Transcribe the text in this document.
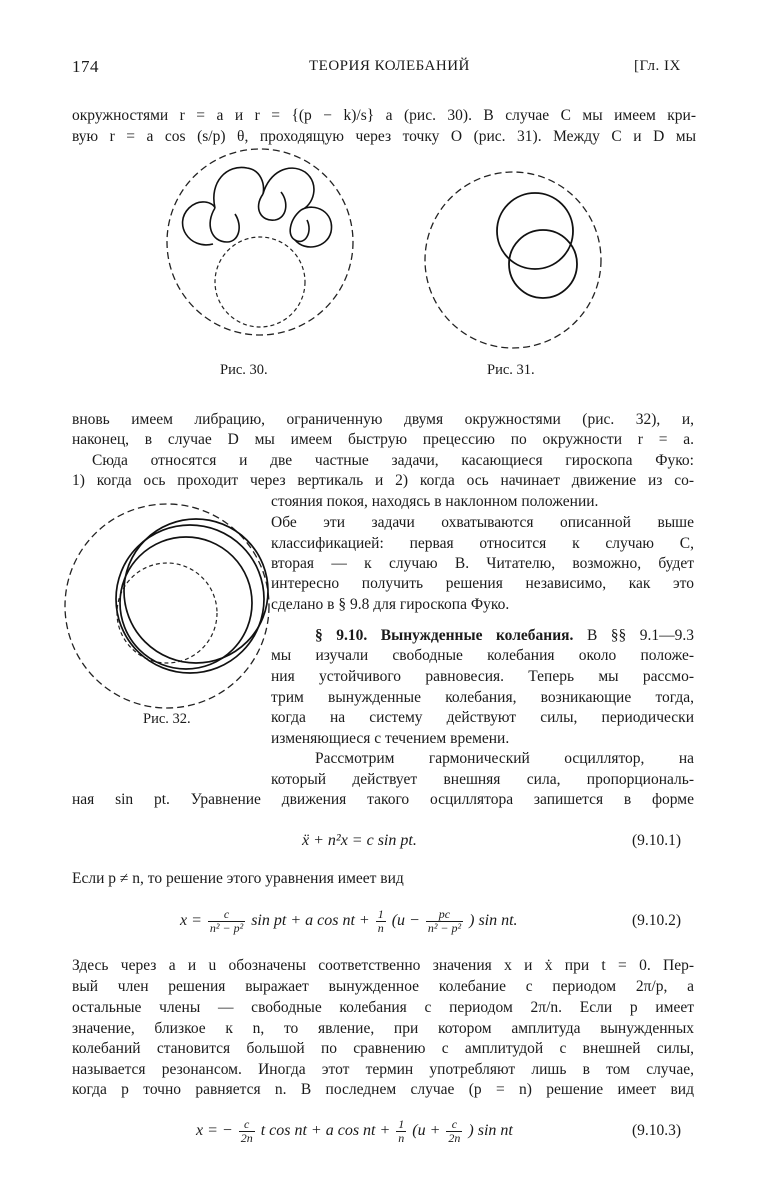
174	ТЕОРИЯ КОЛЕБАНИЙ	[Гл. IX
окружностями r = a и r = {(p − k)/s} a (рис. 30). В случае C мы имеем кри-
вую r = a cos (s/p) θ, проходящую через точку O (рис. 31). Между C и D мы
Рис. 30.	Рис. 31.
вновь имеем либрацию, ограниченную двумя окружностями (рис. 32), и,
наконец, в случае D мы имеем быструю прецессию по окружности r = a.
Сюда относятся и две частные задачи, касающиеся гироскопа Фуко:
1) когда ось проходит через вертикаль и 2) когда ось начинает движение из со-
стояния покоя, находясь в наклонном положении.
Обе эти задачи охватываются описанной выше
классификацией: первая относится к случаю C,
вторая — к случаю B. Читателю, возможно, будет
интересно получить решения независимо, как это
сделано в § 9.8 для гироскопа Фуко.
Рис. 32.
§ 9.10. Вынужденные колебания. В §§ 9.1—9.3
мы изучали свободные колебания около положе-
ния устойчивого равновесия. Теперь мы рассмо-
трим вынужденные колебания, возникающие тогда,
когда на систему действуют силы, периодически
изменяющиеся с течением времени.
Рассмотрим гармонический осциллятор, на
который действует внешняя сила, пропорциональ-
ная sin pt. Уравнение движения такого осциллятора запишется в форме
ẍ + n²x = c sin pt.	(9.10.1)
Если p ≠ n, то решение этого уравнения имеет вид
$x = \frac{c}{\text{n² − p²}}$ sin pt + a cos nt + $\frac{1}{n} (u - \frac{pc}{\text{n² − p²}}$ ) sin nt.	(9.10.2)
Здесь через a и u обозначены соответственно значения x и ẋ при t = 0. Пер-
вый член решения выражает вынужденное колебание с периодом 2π/p, а
остальные члены — свободные колебания с периодом 2π/n. Если p имеет
значение, близкое к n, то явление, при котором амплитуда вынужденных
колебаний становится большой по сравнению с амплитудой c внешней силы,
называется резонансом. Иногда этот термин употребляют лишь в том случае,
когда p точно равняется n. В последнем случае (p = n) решение имеет вид
x = − $\frac{c}{2n}$ t cos nt + a cos nt + $\frac{1}{n} (u + \frac{c}{2n}$ ) sin nt	(9.10.3)
